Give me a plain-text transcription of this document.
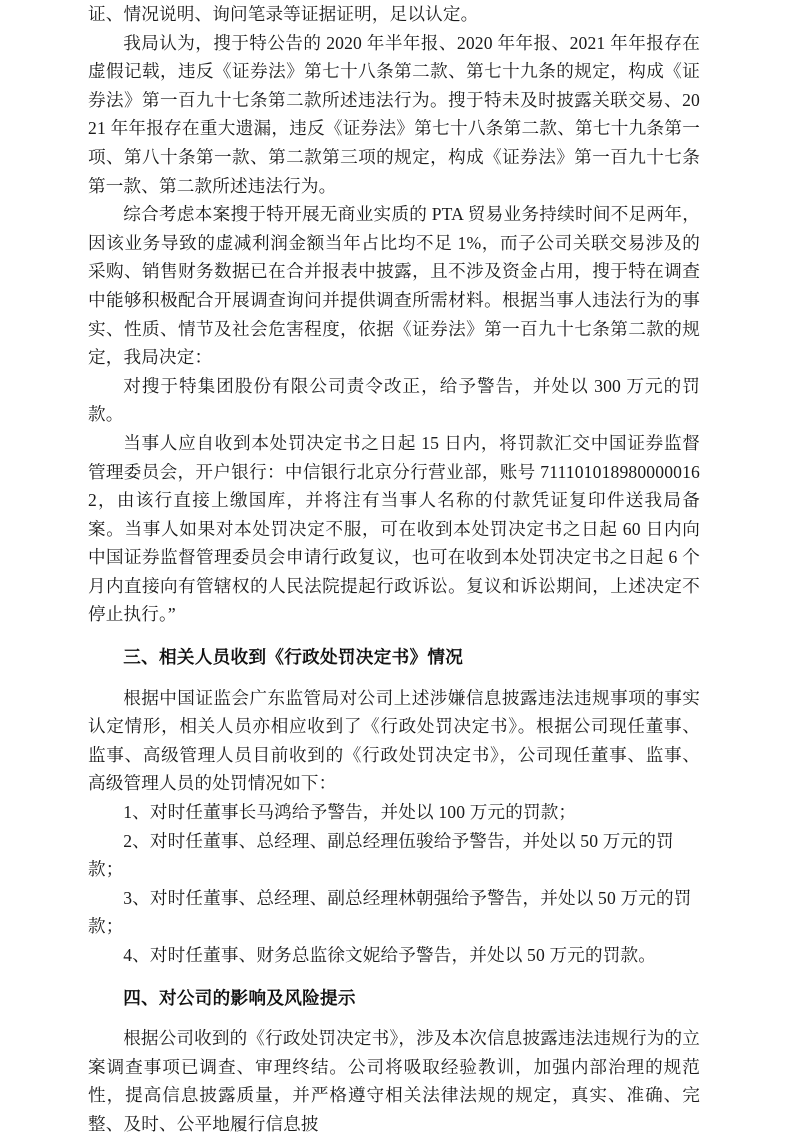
证、情况说明、询问笔录等证据证明，足以认定。

我局认为，搜于特公告的 2020 年半年报、2020 年年报、2021 年年报存在虚假记载，违反《证券法》第七十八条第二款、第七十九条的规定，构成《证券法》第一百九十七条第二款所述违法行为。搜于特未及时披露关联交易、2021 年年报存在重大遗漏，违反《证券法》第七十八条第二款、第七十九条第一项、第八十条第一款、第二款第三项的规定，构成《证券法》第一百九十七条第一款、第二款所述违法行为。

综合考虑本案搜于特开展无商业实质的 PTA 贸易业务持续时间不足两年，因该业务导致的虚减利润金额当年占比均不足 1%，而子公司关联交易涉及的采购、销售财务数据已在合并报表中披露，且不涉及资金占用，搜于特在调查中能够积极配合开展调查询问并提供调查所需材料。根据当事人违法行为的事实、性质、情节及社会危害程度，依据《证券法》第一百九十七条第二款的规定，我局决定：

对搜于特集团股份有限公司责令改正，给予警告，并处以 300 万元的罚款。

当事人应自收到本处罚决定书之日起 15 日内，将罚款汇交中国证券监督管理委员会，开户银行：中信银行北京分行营业部，账号 7111010189800000162，由该行直接上缴国库，并将注有当事人名称的付款凭证复印件送我局备案。当事人如果对本处罚决定不服，可在收到本处罚决定书之日起 60 日内向中国证券监督管理委员会申请行政复议，也可在收到本处罚决定书之日起 6 个月内直接向有管辖权的人民法院提起行政诉讼。复议和诉讼期间，上述决定不停止执行。”

三、相关人员收到《行政处罚决定书》情况

根据中国证监会广东监管局对公司上述涉嫌信息披露违法违规事项的事实认定情形，相关人员亦相应收到了《行政处罚决定书》。根据公司现任董事、监事、高级管理人员目前收到的《行政处罚决定书》，公司现任董事、监事、高级管理人员的处罚情况如下：

1、对时任董事长马鸿给予警告，并处以 100 万元的罚款；
2、对时任董事、总经理、副总经理伍骏给予警告，并处以 50 万元的罚款；
3、对时任董事、总经理、副总经理林朝强给予警告，并处以 50 万元的罚款；
4、对时任董事、财务总监徐文妮给予警告，并处以 50 万元的罚款。
四、对公司的影响及风险提示

根据公司收到的《行政处罚决定书》，涉及本次信息披露违法违规行为的立案调查事项已调查、审理终结。公司将吸取经验教训，加强内部治理的规范性，提高信息披露质量，并严格遵守相关法律法规的规定，真实、准确、完整、及时、公平地履行信息披
